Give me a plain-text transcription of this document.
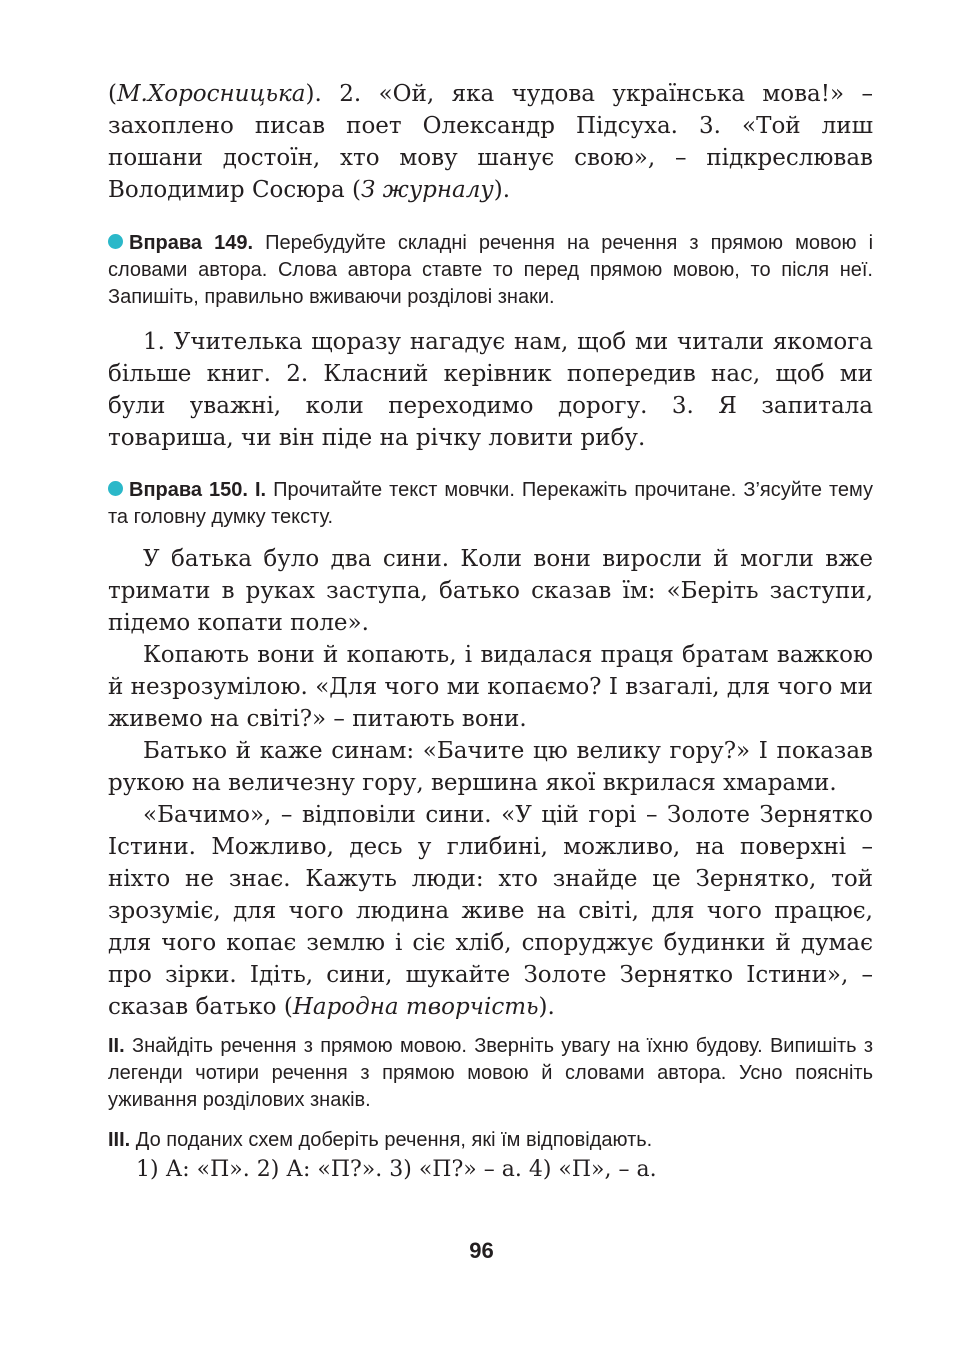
(М.Хоросницька). 2. «Ой, яка чудова українська мова!» – захоплено писав поет Олександр Підсуха. 3. «Той лиш пошани достоїн, хто мову шанує свою», – підкреслював Володимир Сосюра (З журналу).

Вправа 149. Перебудуйте складні речення на речення з прямою мовою і словами автора. Слова автора ставте то перед прямою мовою, то після неї. Запишіть, правильно вживаючи розділові знаки.

1. Учителька щоразу нагадує нам, щоб ми читали якомога більше книг. 2. Класний керівник попередив нас, щоб ми були уважні, коли переходимо дорогу. 3. Я запитала товариша, чи він піде на річку ловити рибу.

Вправа 150. I. Прочитайте текст мовчки. Перекажіть прочитане. З’ясуйте тему та головну думку тексту.

У батька було два сини. Коли вони виросли й могли вже тримати в руках заступа, батько сказав їм: «Беріть заступи, підемо копати поле».

Копають вони й копають, і видалася праця братам важкою й незрозумілою. «Для чого ми копаємо? І взагалі, для чого ми живемо на світі?» – питають вони.

Батько й каже синам: «Бачите цю велику гору?» І показав рукою на величезну гору, вершина якої вкрилася хмарами.

«Бачимо», – відповіли сини. «У цій горі – Золоте Зернятко Істини. Можливо, десь у глибині, можливо, на поверхні – ніхто не знає. Кажуть люди: хто знайде це Зернятко, той зрозуміє, для чого людина живе на світі, для чого працює, для чого копає землю і сіє хліб, споруджує будинки й думає про зірки. Ідіть, сини, шукайте Золоте Зернятко Істини», – сказав батько (Народна творчість).

II. Знайдіть речення з прямою мовою. Зверніть увагу на їхню будову. Випишіть з легенди чотири речення з прямою мовою й словами автора. Усно поясніть уживання розділових знаків.

III. До поданих схем доберіть речення, які їм відповідають.

1) А: «П». 2) А: «П?». 3) «П?» – а. 4) «П», – а.

96
